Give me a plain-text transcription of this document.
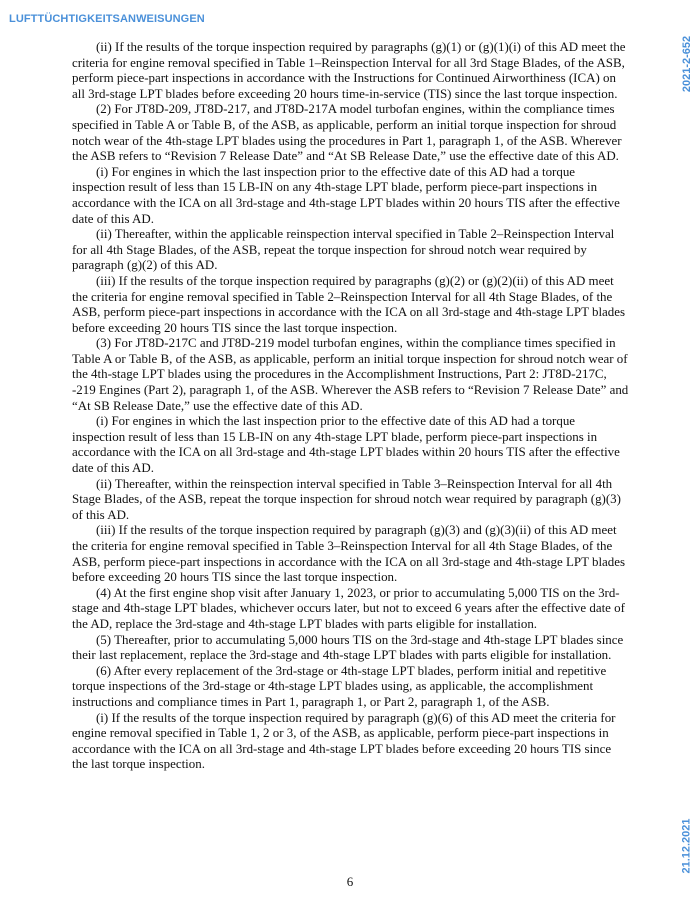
LUFTTÜCHTIGKEITSANWEISUNGEN
2021-2-652
21.12.2021

(ii) If the results of the torque inspection required by paragraphs (g)(1) or (g)(1)(i) of this AD meet the criteria for engine removal specified in Table 1–Reinspection Interval for all 3rd Stage Blades, of the ASB, perform piece-part inspections in accordance with the Instructions for Continued Airworthiness (ICA) on all 3rd-stage LPT blades before exceeding 20 hours time-in-service (TIS) since the last torque inspection.

(2) For JT8D-209, JT8D-217, and JT8D-217A model turbofan engines, within the compliance times specified in Table A or Table B, of the ASB, as applicable, perform an initial torque inspection for shroud notch wear of the 4th-stage LPT blades using the procedures in Part 1, paragraph 1, of the ASB. Wherever the ASB refers to “Revision 7 Release Date” and “At SB Release Date,” use the effective date of this AD.

(i) For engines in which the last inspection prior to the effective date of this AD had a torque inspection result of less than 15 LB-IN on any 4th-stage LPT blade, perform piece-part inspections in accordance with the ICA on all 3rd-stage and 4th-stage LPT blades within 20 hours TIS after the effective date of this AD.

(ii) Thereafter, within the applicable reinspection interval specified in Table 2–Reinspection Interval for all 4th Stage Blades, of the ASB, repeat the torque inspection for shroud notch wear required by paragraph (g)(2) of this AD.

(iii) If the results of the torque inspection required by paragraphs (g)(2) or (g)(2)(ii) of this AD meet the criteria for engine removal specified in Table 2–Reinspection Interval for all 4th Stage Blades, of the ASB, perform piece-part inspections in accordance with the ICA on all 3rd-stage and 4th-stage LPT blades before exceeding 20 hours TIS since the last torque inspection.

(3) For JT8D-217C and JT8D-219 model turbofan engines, within the compliance times specified in Table A or Table B, of the ASB, as applicable, perform an initial torque inspection for shroud notch wear of the 4th-stage LPT blades using the procedures in the Accomplishment Instructions, Part 2: JT8D-217C, -219 Engines (Part 2), paragraph 1, of the ASB. Wherever the ASB refers to “Revision 7 Release Date” and “At SB Release Date,” use the effective date of this AD.

(i) For engines in which the last inspection prior to the effective date of this AD had a torque inspection result of less than 15 LB-IN on any 4th-stage LPT blade, perform piece-part inspections in accordance with the ICA on all 3rd-stage and 4th-stage LPT blades within 20 hours TIS after the effective date of this AD.

(ii) Thereafter, within the reinspection interval specified in Table 3–Reinspection Interval for all 4th Stage Blades, of the ASB, repeat the torque inspection for shroud notch wear required by paragraph (g)(3) of this AD.

(iii) If the results of the torque inspection required by paragraph (g)(3) and (g)(3)(ii) of this AD meet the criteria for engine removal specified in Table 3–Reinspection Interval for all 4th Stage Blades, of the ASB, perform piece-part inspections in accordance with the ICA on all 3rd-stage and 4th-stage LPT blades before exceeding 20 hours TIS since the last torque inspection.

(4) At the first engine shop visit after January 1, 2023, or prior to accumulating 5,000 TIS on the 3rd-stage and 4th-stage LPT blades, whichever occurs later, but not to exceed 6 years after the effective date of the AD, replace the 3rd-stage and 4th-stage LPT blades with parts eligible for installation.

(5) Thereafter, prior to accumulating 5,000 hours TIS on the 3rd-stage and 4th-stage LPT blades since their last replacement, replace the 3rd-stage and 4th-stage LPT blades with parts eligible for installation.

(6) After every replacement of the 3rd-stage or 4th-stage LPT blades, perform initial and repetitive torque inspections of the 3rd-stage or 4th-stage LPT blades using, as applicable, the accomplishment instructions and compliance times in Part 1, paragraph 1, or Part 2, paragraph 1, of the ASB.

(i) If the results of the torque inspection required by paragraph (g)(6) of this AD meet the criteria for engine removal specified in Table 1, 2 or 3, of the ASB, as applicable, perform piece-part inspections in accordance with the ICA on all 3rd-stage and 4th-stage LPT blades before exceeding 20 hours TIS since the last torque inspection.

6
